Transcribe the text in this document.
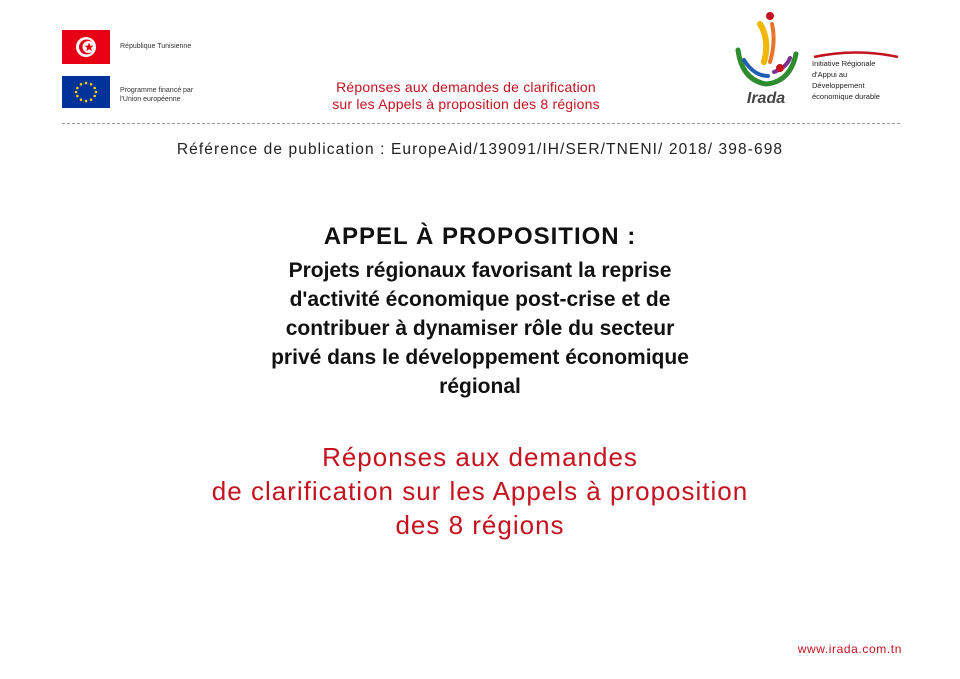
République Tunisienne
Programme financé par
l'Union européenne
Réponses aux demandes de clarification
sur les Appels à proposition des 8 régions	Irada
Initiative Régionale
d'Appui au
Développement
économique durable
Référence de publication : EuropeAid/139091/IH/SER/TNENI/ 2018/ 398-698
APPEL À PROPOSITION :
Projets régionaux favorisant la reprise
d'activité économique post-crise et de
contribuer à dynamiser rôle du secteur
privé dans le développement économique
régional
Réponses aux demandes
de clarification sur les Appels à proposition
des 8 régions
www.irada.com.tn
